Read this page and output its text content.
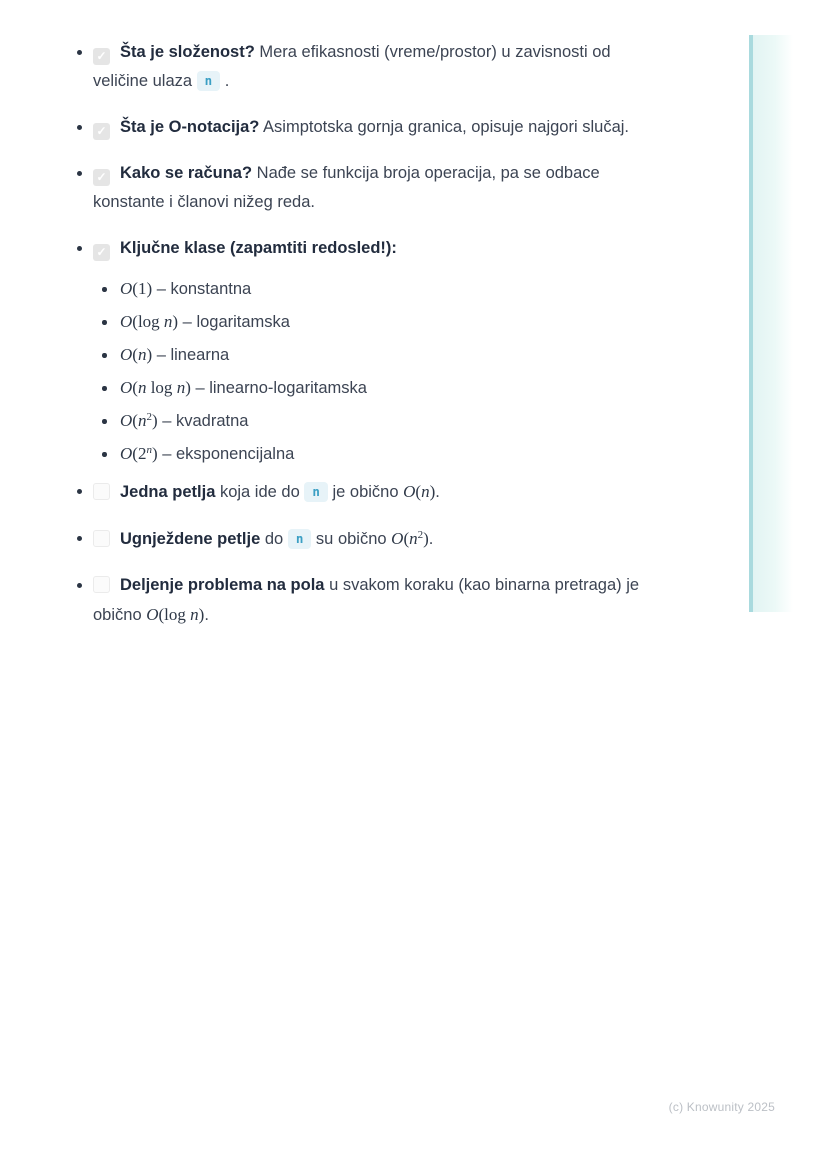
✓ Šta je složenost? Mera efikasnosti (vreme/prostor) u zavisnosti od veličine ulaza n .
✓ Šta je O-notacija? Asimptotska gornja granica, opisuje najgori slučaj.
✓ Kako se računa? Nađe se funkcija broja operacija, pa se odbace konstante i članovi nižeg reda.
✓ Ključne klase (zapamtiti redosled!):
O(1) – konstantna
O(log n) – logaritamska
O(n) – linearna
O(n log n) – linearno-logaritamska
$O(n^2)$ – kvadratna
O(2$^n$) – eksponencijalna
Jedna petlja koja ide do n je obično O(n).
Ugnježdene petlje do n su obično $O(n^2)$.
Deljenje problema na pola u svakom koraku (kao binarna pretraga) je obično O(log n).
(c) Knowunity 2025
